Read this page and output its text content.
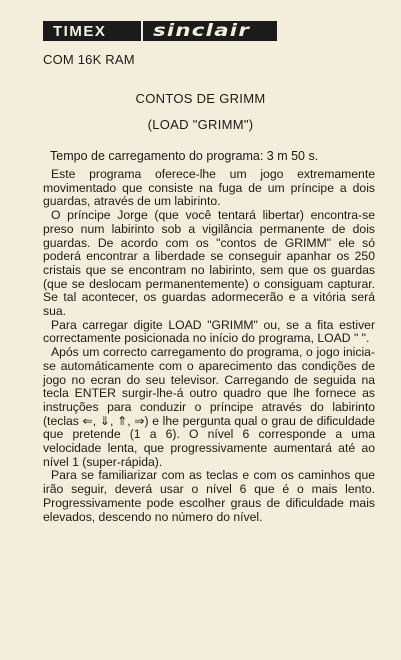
TIMEX	sinclair
COM 16K RAM
CONTOS DE GRIMM
(LOAD "GRIMM")
Tempo de carregamento do programa: 3 m 50 s.

Este programa oferece-lhe um jogo extremamente movimentado que consiste na fuga de um príncipe a dois guardas, através de um labirinto.

O príncipe Jorge (que você tentará libertar) encontra-se preso num labirinto sob a vigilância permanente de dois guardas. De acordo com os "contos de GRIMM" ele só poderá encontrar a liberdade se conseguir apanhar os 250 cristais que se encontram no labirinto, sem que os guardas (que se deslocam permanentemente) o consiguam capturar. Se tal acontecer, os guardas adormecerão e a vitória será sua.

Para carregar digite LOAD "GRIMM" ou, se a fita estiver correctamente posicionada no início do programa, LOAD " ".

Após um correcto carregamento do programa, o jogo inicia-se automáticamente com o aparecimento das condições de jogo no ecran do seu televisor. Carregando de seguida na tecla ENTER surgir-lhe-á outro quadro que lhe fornece as instruções para conduzir o príncipe através do labirinto (teclas ⇐, ⇓, ⇑, ⇒) e lhe pergunta qual o grau de dificuldade que pretende (1 a 6). O nível 6 corresponde a uma velocidade lenta, que progressivamente aumentará até ao nível 1 (super-rápida).

Para se familiarizar com as teclas e com os caminhos que irão seguir, deverá usar o nível 6 que é o mais lento. Progressivamente pode escolher graus de dificuldade mais elevados, descendo no número do nível.
